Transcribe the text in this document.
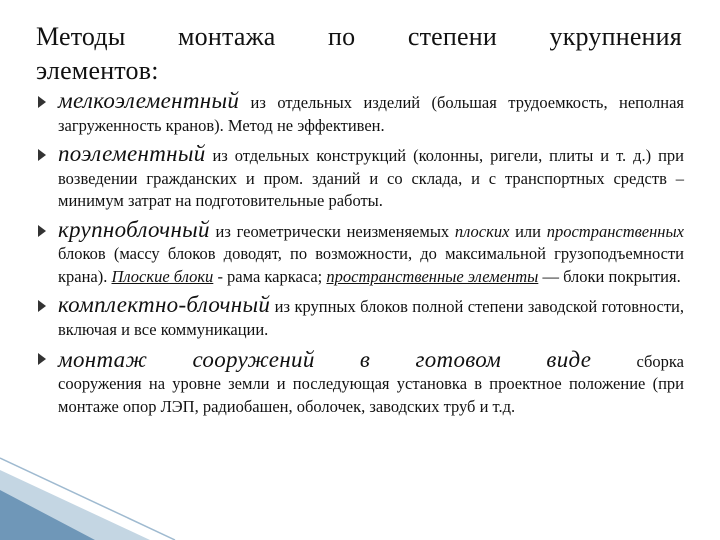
Методы монтажа по степени укрупнения
элементов:

мелкоэлементный из отдельных изделий (большая трудоемкость, неполная загруженность кранов). Метод не эффективен.

поэлементный из отдельных конструкций (колонны, ригели, плиты и т. д.) при возведении гражданских и пром. зданий и со склада, и с транспортных средств – минимум затрат на подготовительные работы.

крупноблочный из геометрически неизменяемых плоских или пространственных блоков (массу блоков доводят, по возможности, до максимальной грузоподъемности крана). Плоские блоки - рама каркаса; пространственные элементы — блоки покрытия.

комплектно-блочный из крупных блоков полной степени заводской готовности, включая и все коммуникации.

монтаж сооружений в готовом виде	сборка

сооружения на уровне земли и последующая установка в проектное положение (при монтаже опор ЛЭП, радиобашен, оболочек, заводских труб и т.д.
